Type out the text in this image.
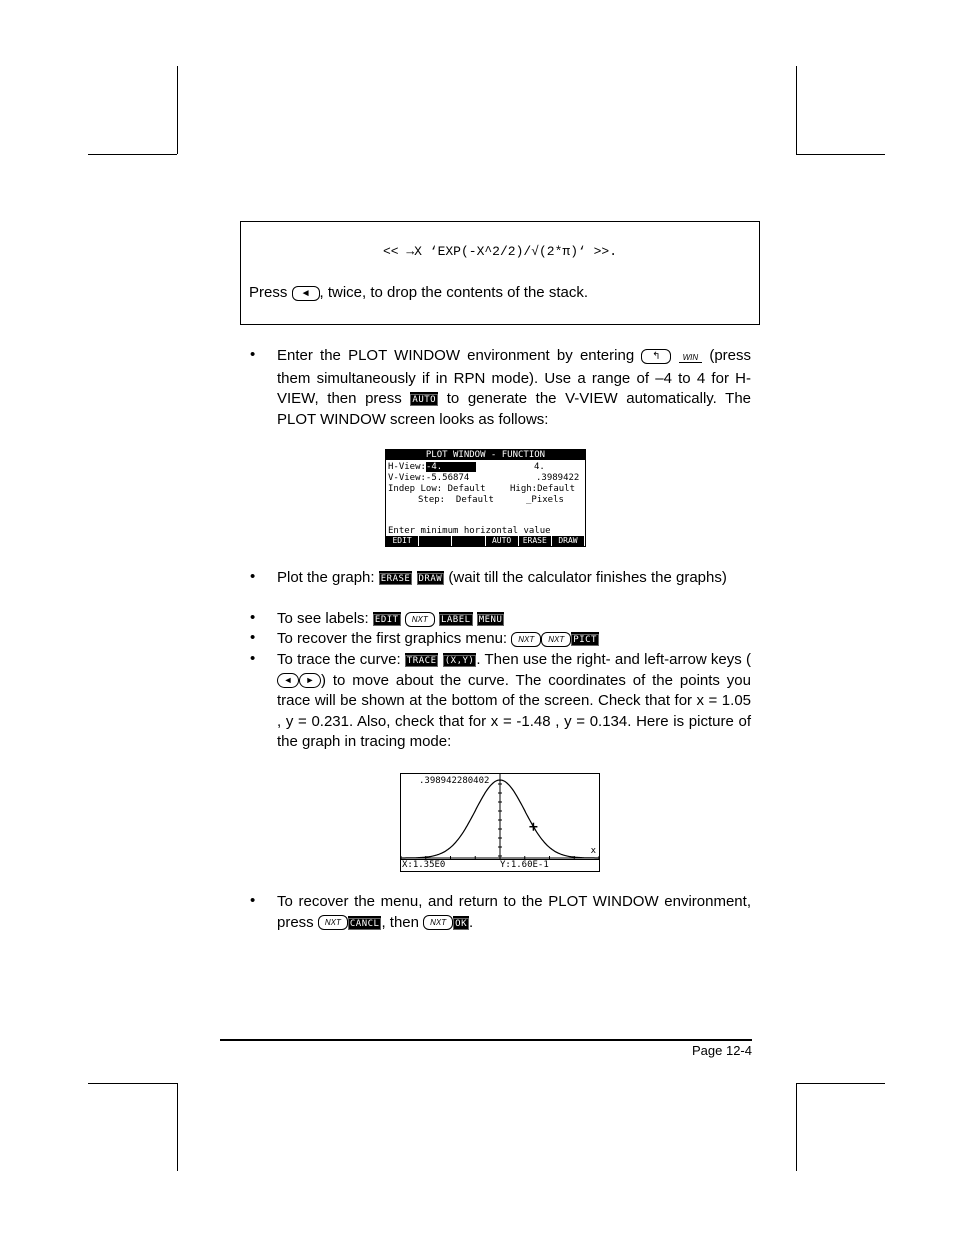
<< →X ‘EXP(-X^2/2)/√(2*π)‘ >>.
Press ◄ , twice, to drop the contents of the stack.
• Enter the PLOT WINDOW environment by entering ↰	WIN (press them simultaneously if in RPN mode). Use a range of –4 to 4 for H-VIEW, then press AUTO to generate the V-VIEW automatically. The PLOT WINDOW screen looks as follows:
PLOT WINDOW - FUNCTION
H-View:-4.	4.
V-View:-5.56874	.3989422
Indep Low: Default	High:Default
Step:  Default	_Pixels
Enter minimum horizontal value
EDIT	AUTO	ERASE	DRAW
• Plot the graph: ERASE DRAW (wait till the calculator finishes the graphs)
• To see labels: EDIT NXT LABEL MENU
• To recover the first graphics menu: NXT NXT PICT
• To trace the curve: TRACE (X,Y) . Then use the right- and left-arrow keys (◄ ► ) to move about the curve. The coordinates of the points you trace will be shown at the bottom of the screen. Check that for x = 1.05 , y = 0.231. Also, check that for x = -1.48 , y = 0.134. Here is picture of the graph in tracing mode:
.398942280402
x
X:1.35E0	Y:1.60E-1
• To recover the menu, and return to the PLOT WINDOW environment, press NXT CANCL , then NXT OK .
Page 12-4
